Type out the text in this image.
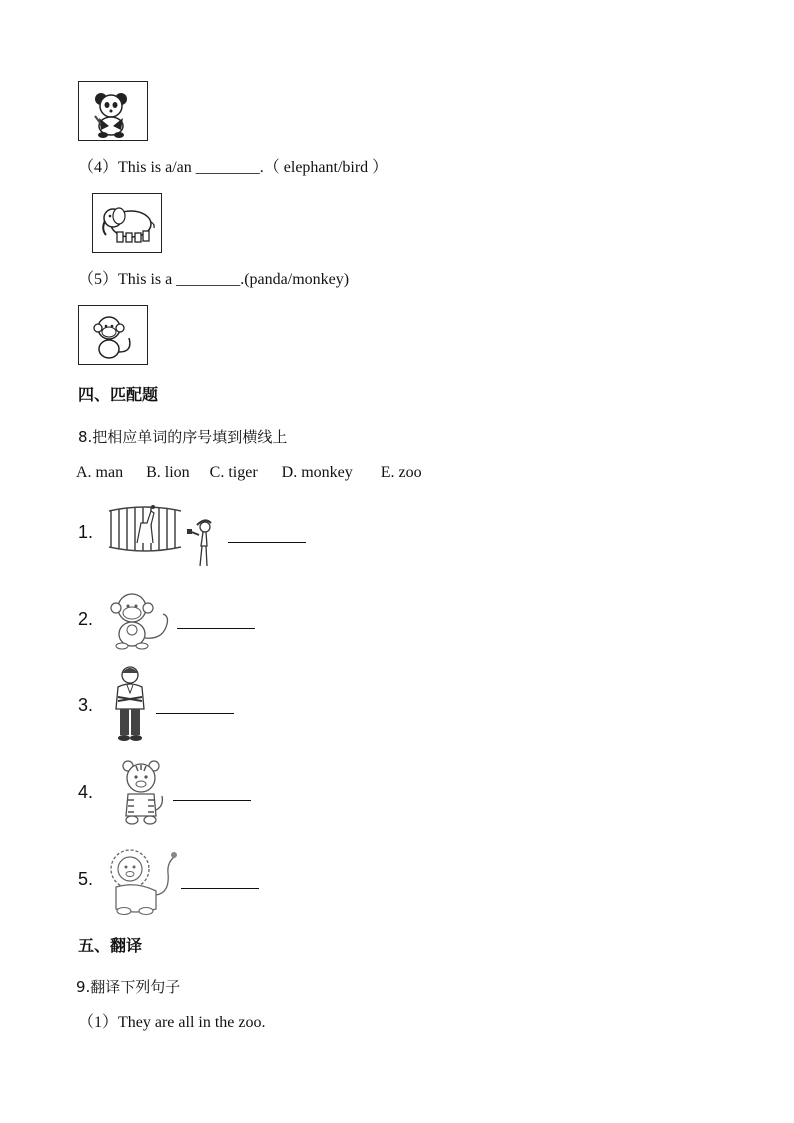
（4）This is a/an ________.（ elephant/bird ）
（5）This is a ________.(panda/monkey)
四、匹配题
8.把相应单词的序号填到横线上
A. man B. lion C. tiger D. monkey E. zoo
1.
2.
3.
4.
5.
五、翻译
9.翻译下列句子
（1）They are all in the zoo.
